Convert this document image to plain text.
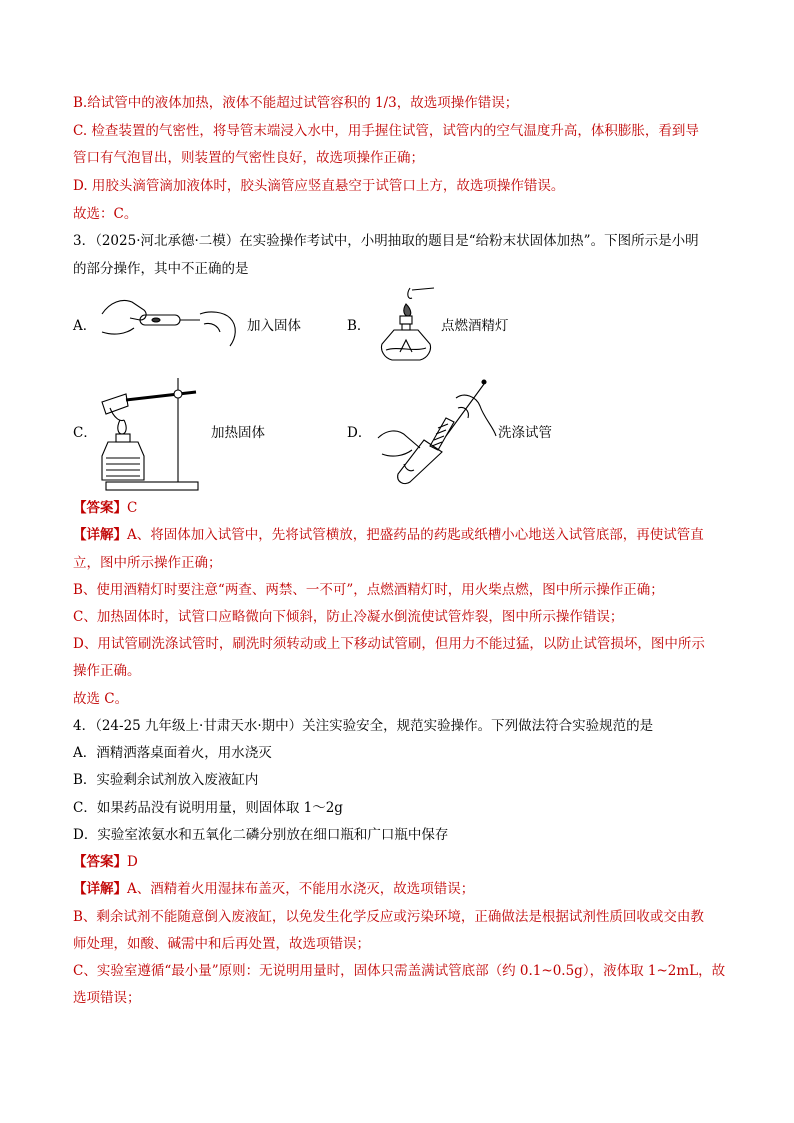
B.给试管中的液体加热，液体不能超过试管容积的 1/3，故选项操作错误；
C. 检查装置的气密性，将导管末端浸入水中，用手握住试管，试管内的空气温度升高，体积膨胀，看到导
管口有气泡冒出，则装置的气密性良好，故选项操作正确；
D. 用胶头滴管滴加液体时，胶头滴管应竖直悬空于试管口上方，故选项操作错误。
故选：C。
3．（2025·河北承德·二模）在实验操作考试中，小明抽取的题目是“给粉末状固体加热”。下图所示是小明
的部分操作，其中不正确的是
A．	加入固体	B．	点燃酒精灯
C．	加热固体	D．	洗涤试管
【答案】C
【详解】A、将固体加入试管中，先将试管横放，把盛药品的药匙或纸槽小心地送入试管底部，再使试管直
立，图中所示操作正确；
B、使用酒精灯时要注意“两查、两禁、一不可”，点燃酒精灯时，用火柴点燃，图中所示操作正确；
C、加热固体时，试管口应略微向下倾斜，防止冷凝水倒流使试管炸裂，图中所示操作错误；
D、用试管刷洗涤试管时，刷洗时须转动或上下移动试管刷，但用力不能过猛，以防止试管损坏，图中所示
操作正确。
故选 C。
4．（24-25 九年级上·甘肃天水·期中）关注实验安全，规范实验操作。下列做法符合实验规范的是
A．酒精洒落桌面着火，用水浇灭
B．实验剩余试剂放入废液缸内
C．如果药品没有说明用量，则固体取 1～2g
D．实验室浓氨水和五氧化二磷分别放在细口瓶和广口瓶中保存
【答案】D
【详解】A、酒精着火用湿抹布盖灭，不能用水浇灭，故选项错误；
B、剩余试剂不能随意倒入废液缸，以免发生化学反应或污染环境，正确做法是根据试剂性质回收或交由教
师处理，如酸、碱需中和后再处置，故选项错误；
C、实验室遵循“最小量”原则：无说明用量时，固体只需盖满试管底部（约 0.1~0.5g），液体取 1~2mL，故
选项错误；
